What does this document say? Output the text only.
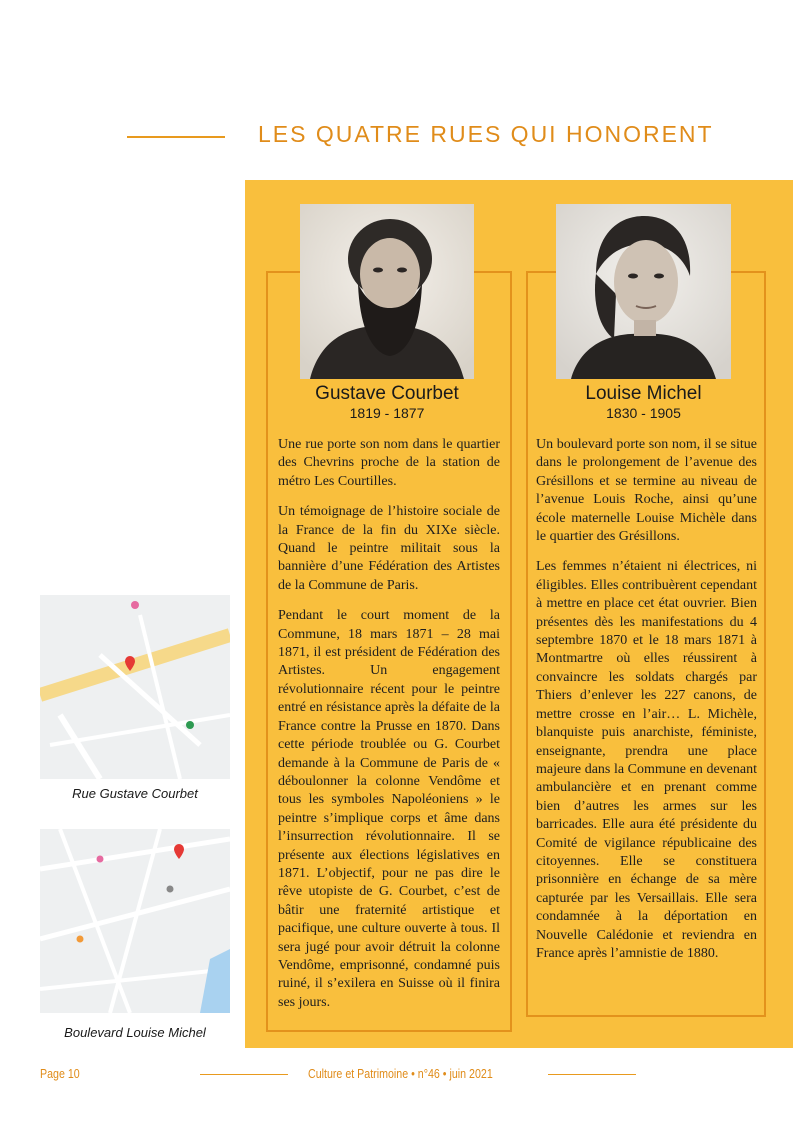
LES QUATRE RUES QUI HONORENT
Gustave Courbet
1819 - 1877
Louise Michel
1830 - 1905

Une rue porte son nom dans le quartier des Chevrins proche de la station de métro Les Courtilles.

Un témoignage de l’histoire sociale de la France de la fin du XIXe siècle. Quand le peintre militait sous la bannière d’une Fédération des Artistes de la Commune de Paris.

Pendant le court moment de la Commune, 18 mars 1871 – 28 mai 1871, il est président de Fédération des Artistes. Un engagement révolutionnaire récent pour le peintre entré en résistance après la défaite de la France contre la Prusse en 1870. Dans cette période troublée ou G. Courbet demande à la Commune de Paris de « déboulonner la colonne Vendôme et tous les symboles Napoléoniens » le peintre s’implique corps et âme dans l’insurrection révolutionnaire. Il se présente aux élections législatives en 1871. L’objectif, pour ne pas dire le rêve utopiste de G. Courbet, c’est de bâtir une fraternité artistique et pacifique, une culture ouverte à tous. Il sera jugé pour avoir détruit la colonne Vendôme, emprisonné, condamné puis ruiné, il s’exilera en Suisse où il finira ses jours.

Un boulevard porte son nom, il se situe dans le prolongement de l’avenue des Grésillons et se termine au niveau de l’avenue Louis Roche, ainsi qu’une école maternelle Louise Michèle dans le quartier des Grésillons.

Les femmes n’étaient ni électrices, ni éligibles. Elles contribuèrent cependant à mettre en place cet état ouvrier. Bien présentes dès les manifestations du 4 septembre 1870 et le 18 mars 1871 à Montmartre où elles réussirent à convaincre les soldats chargés par Thiers d’enlever les 227 canons, de mettre crosse en l’air… L. Michèle, blanquiste puis anarchiste, féministe, enseignante, prendra une place majeure dans la Commune en devenant ambulancière et en prenant comme bien d’autres les armes sur les barricades. Elle aura été présidente du Comité de vigilance républicaine des citoyennes. Elle se constituera prisonnière en échange de sa mère capturée par les Versaillais. Elle sera condamnée à la déportation en Nouvelle Calédonie et reviendra en France après l’amnistie de 1880.

Rue Gustave Courbet
Boulevard Louise Michel
Page 10	Culture et Patrimoine • n°46 • juin 2021
